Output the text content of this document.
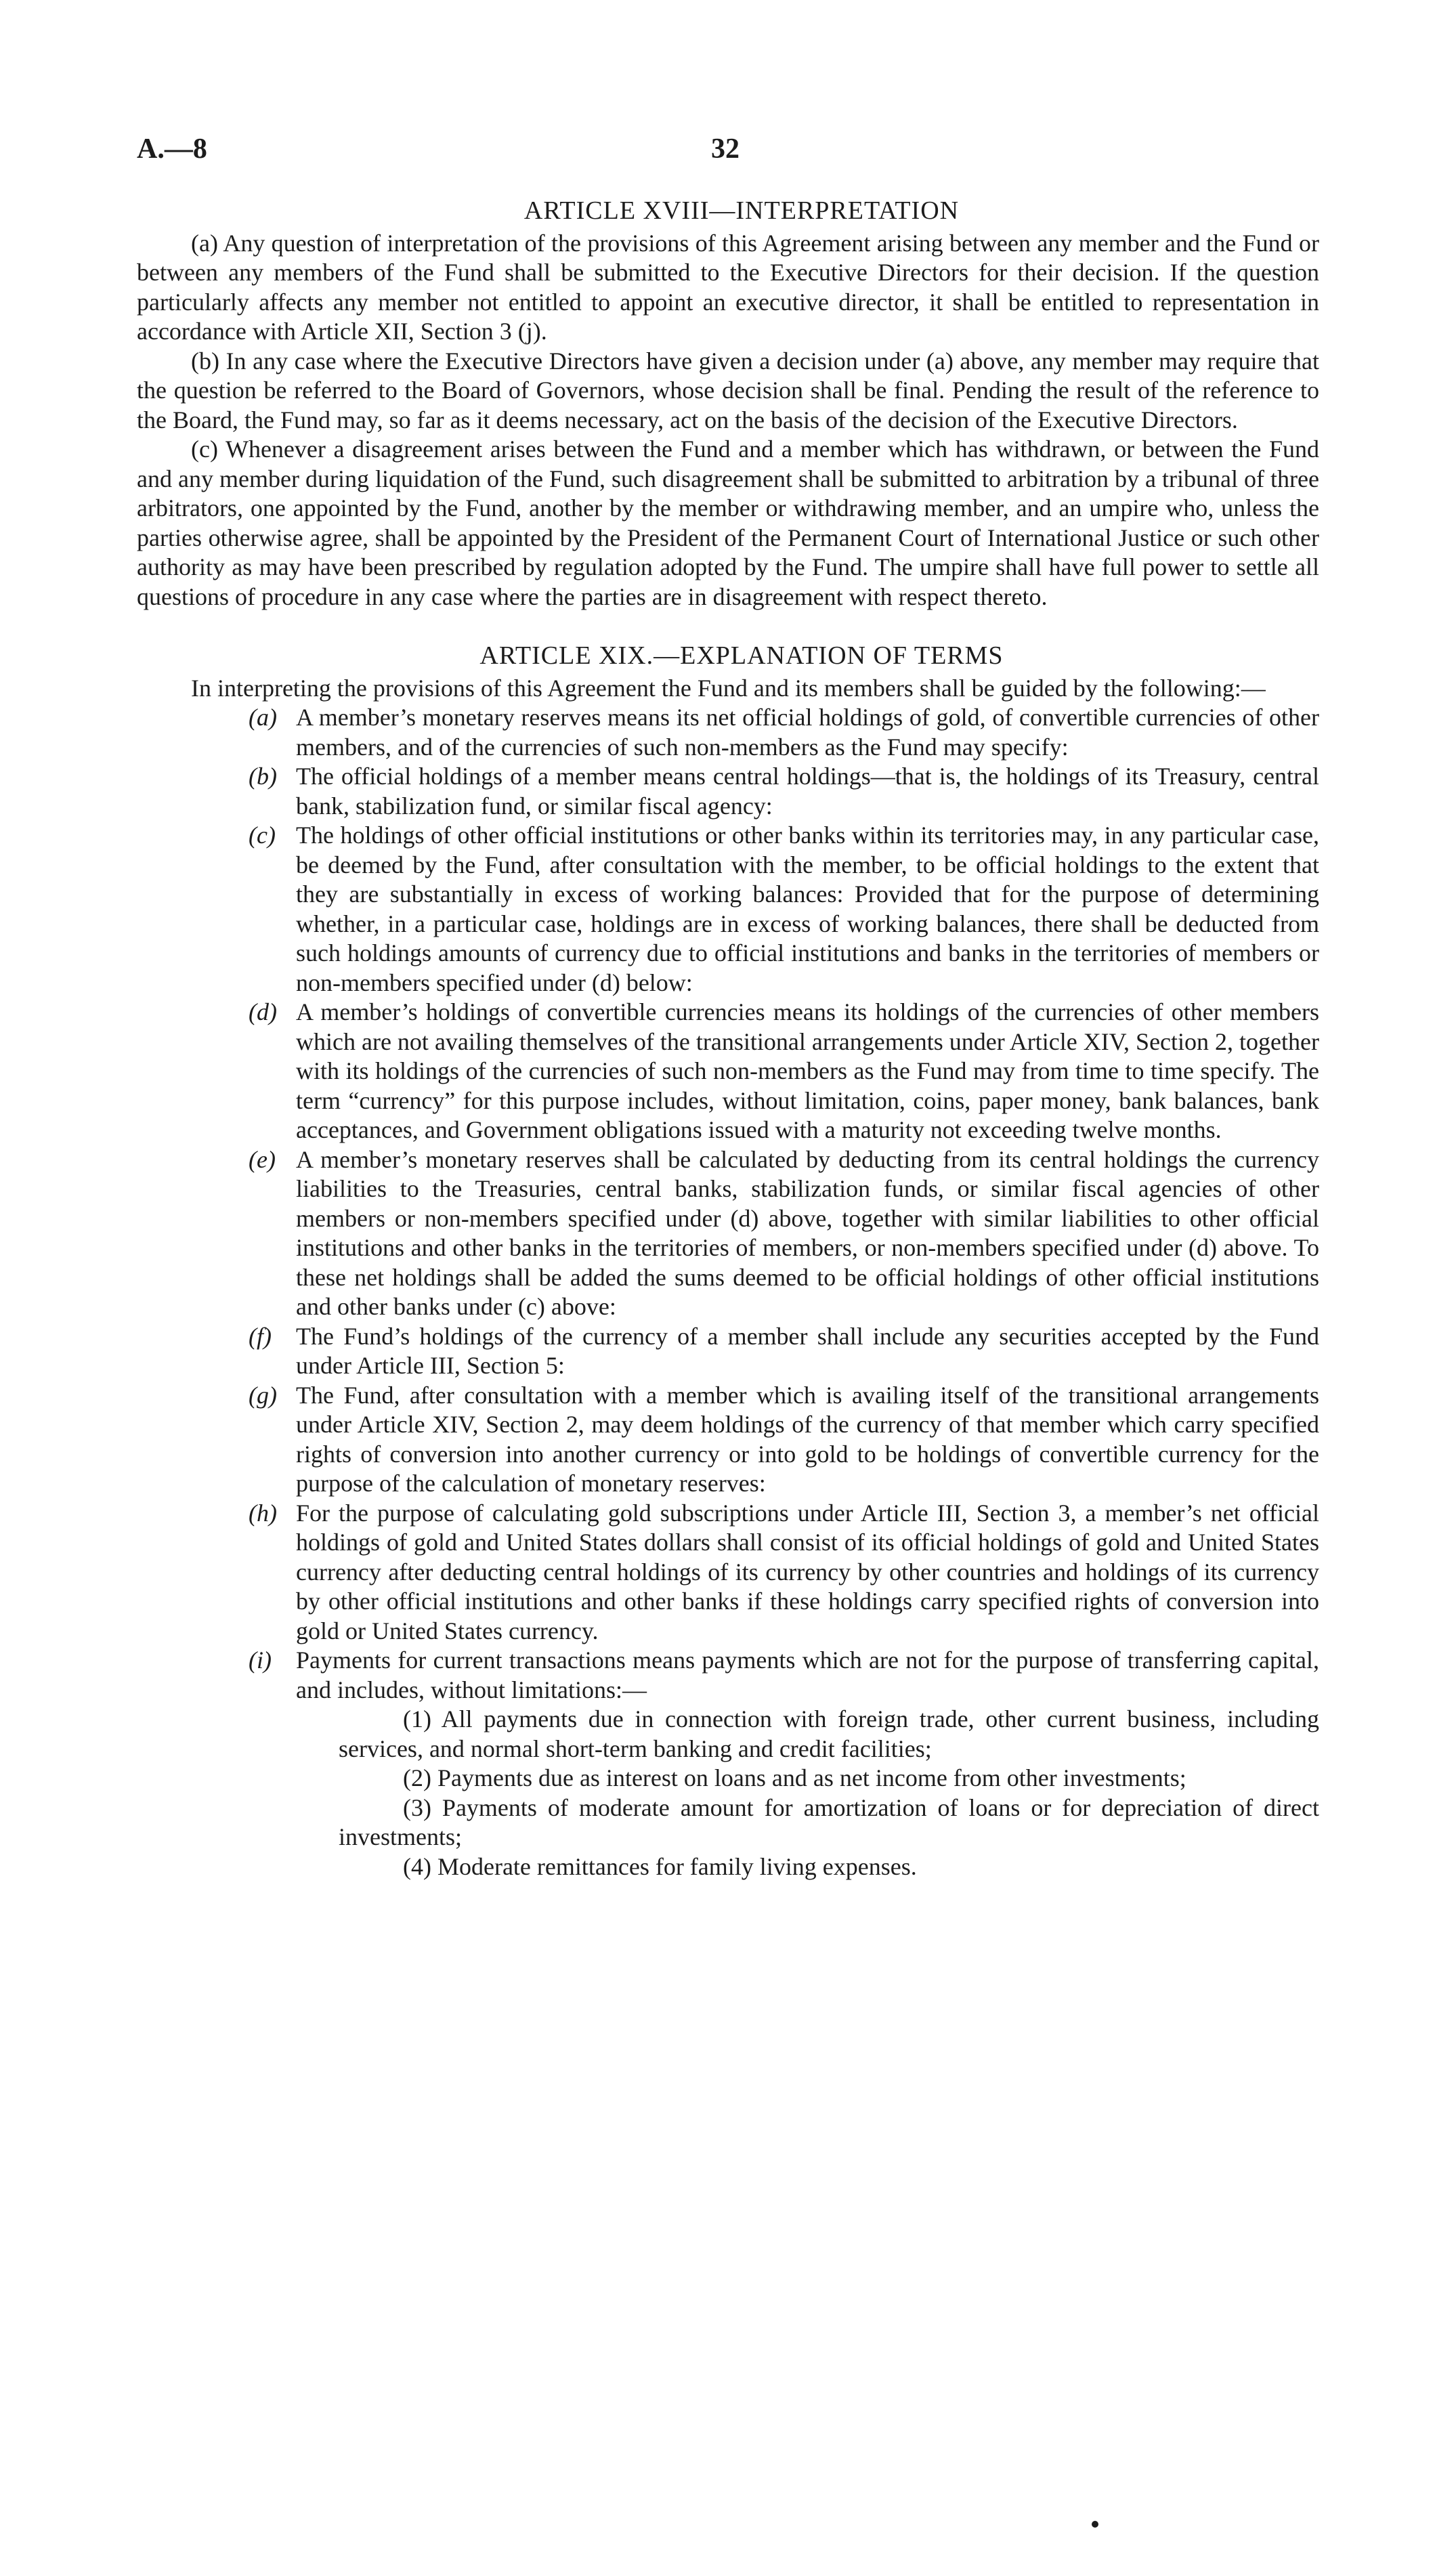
A.—8	32
ARTICLE XVIII—INTERPRETATION

(a) Any question of interpretation of the provisions of this Agreement arising between any member and the Fund or between any members of the Fund shall be submitted to the Executive Directors for their decision. If the question particularly affects any member not entitled to appoint an executive director, it shall be entitled to representation in accordance with Article XII, Section 3 (j).

(b) In any case where the Executive Directors have given a decision under (a) above, any member may require that the question be referred to the Board of Governors, whose decision shall be final. Pending the result of the reference to the Board, the Fund may, so far as it deems necessary, act on the basis of the decision of the Executive Directors.

(c) Whenever a disagreement arises between the Fund and a member which has withdrawn, or between the Fund and any member during liquidation of the Fund, such disagreement shall be submitted to arbitration by a tribunal of three arbitrators, one appointed by the Fund, another by the member or withdrawing member, and an umpire who, unless the parties otherwise agree, shall be appointed by the President of the Permanent Court of International Justice or such other authority as may have been prescribed by regulation adopted by the Fund. The umpire shall have full power to settle all questions of procedure in any case where the parties are in disagreement with respect thereto.

ARTICLE XIX.—EXPLANATION OF TERMS

In interpreting the provisions of this Agreement the Fund and its members shall be guided by the following:—

(a) A member’s monetary reserves means its net official holdings of gold, of convertible currencies of other members, and of the currencies of such non-members as the Fund may specify:
(b) The official holdings of a member means central holdings—that is, the holdings of its Treasury, central bank, stabilization fund, or similar fiscal agency:
(c) The holdings of other official institutions or other banks within its territories may, in any particular case, be deemed by the Fund, after consultation with the member, to be official holdings to the extent that they are substantially in excess of working balances: Provided that for the purpose of determining whether, in a particular case, holdings are in excess of working balances, there shall be deducted from such holdings amounts of currency due to official institutions and banks in the territories of members or non-members specified under (d) below:
(d) A member’s holdings of convertible currencies means its holdings of the currencies of other members which are not availing themselves of the transitional arrangements under Article XIV, Section 2, together with its holdings of the currencies of such non-members as the Fund may from time to time specify. The term “currency” for this purpose includes, without limitation, coins, paper money, bank balances, bank acceptances, and Government obligations issued with a maturity not exceeding twelve months.
(e) A member’s monetary reserves shall be calculated by deducting from its central holdings the currency liabilities to the Treasuries, central banks, stabilization funds, or similar fiscal agencies of other members or non-members specified under (d) above, together with similar liabilities to other official institutions and other banks in the territories of members, or non-members specified under (d) above. To these net holdings shall be added the sums deemed to be official holdings of other official institutions and other banks under (c) above:
(f)	The Fund’s holdings of the currency of a member shall include any securities accepted by the Fund under Article III, Section 5:
(g) The Fund, after consultation with a member which is availing itself of the transitional arrangements under Article XIV, Section 2, may deem holdings of the currency of that member which carry specified rights of conversion into another currency or into gold to be holdings of convertible currency for the purpose of the calculation of monetary reserves:
(h) For the purpose of calculating gold subscriptions under Article III, Section 3, a member’s net official holdings of gold and United States dollars shall consist of its official holdings of gold and United States currency after deducting central holdings of its currency by other countries and holdings of its currency by other official institutions and other banks if these holdings carry specified rights of conversion into gold or United States currency.
(i)	Payments for current transactions means payments which are not for the purpose of transferring capital, and includes, without limitations:—

(1) All payments due in connection with foreign trade, other current business, including services, and normal short-term banking and credit facilities;

(2) Payments due as interest on loans and as net income from other investments;

(3) Payments of moderate amount for amortization of loans or for depreciation of direct investments;

(4) Moderate remittances for family living expenses.
